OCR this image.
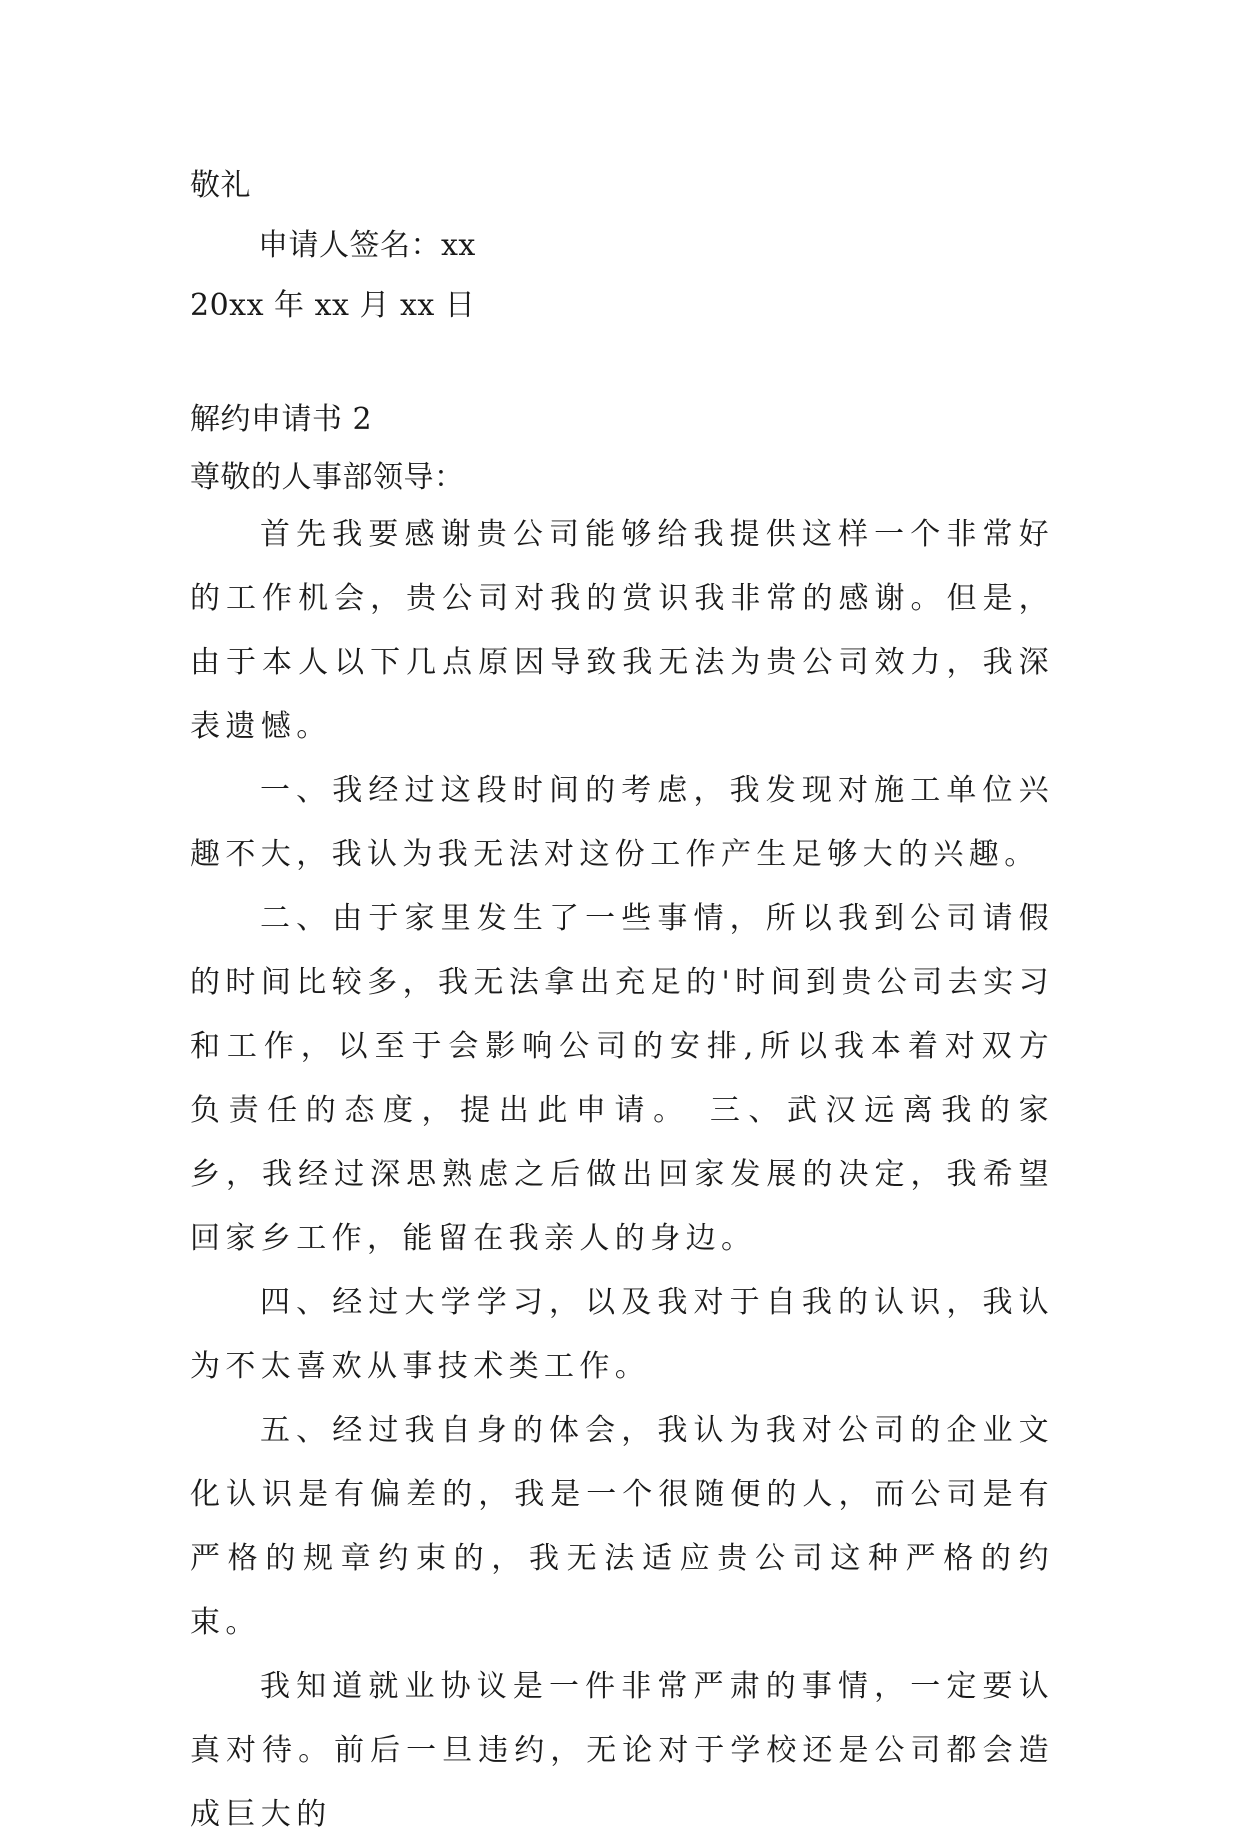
敬礼
申请人签名：xx
20xx 年 xx 月 xx 日
解约申请书 2
尊敬的人事部领导：

首先我要感谢贵公司能够给我提供这样一个非常好的工作机会，贵公司对我的赏识我非常的感谢。但是，由于本人以下几点原因导致我无法为贵公司效力，我深表遗憾。

一、我经过这段时间的考虑，我发现对施工单位兴趣不大，我认为我无法对这份工作产生足够大的兴趣。

二、由于家里发生了一些事情，所以我到公司请假的时间比较多，我无法拿出充足的'时间到贵公司去实习和工作，以至于会影响公司的安排,所以我本着对双方负责任的态度，提出此申请。 三、武汉远离我的家乡，我经过深思熟虑之后做出回家发展的决定，我希望回家乡工作，能留在我亲人的身边。

四、经过大学学习，以及我对于自我的认识，我认为不太喜欢从事技术类工作。

五、经过我自身的体会，我认为我对公司的企业文化认识是有偏差的，我是一个很随便的人，而公司是有严格的规章约束的，我无法适应贵公司这种严格的约束。

我知道就业协议是一件非常严肃的事情，一定要认真对待。前后一旦违约，无论对于学校还是公司都会造成巨大的
